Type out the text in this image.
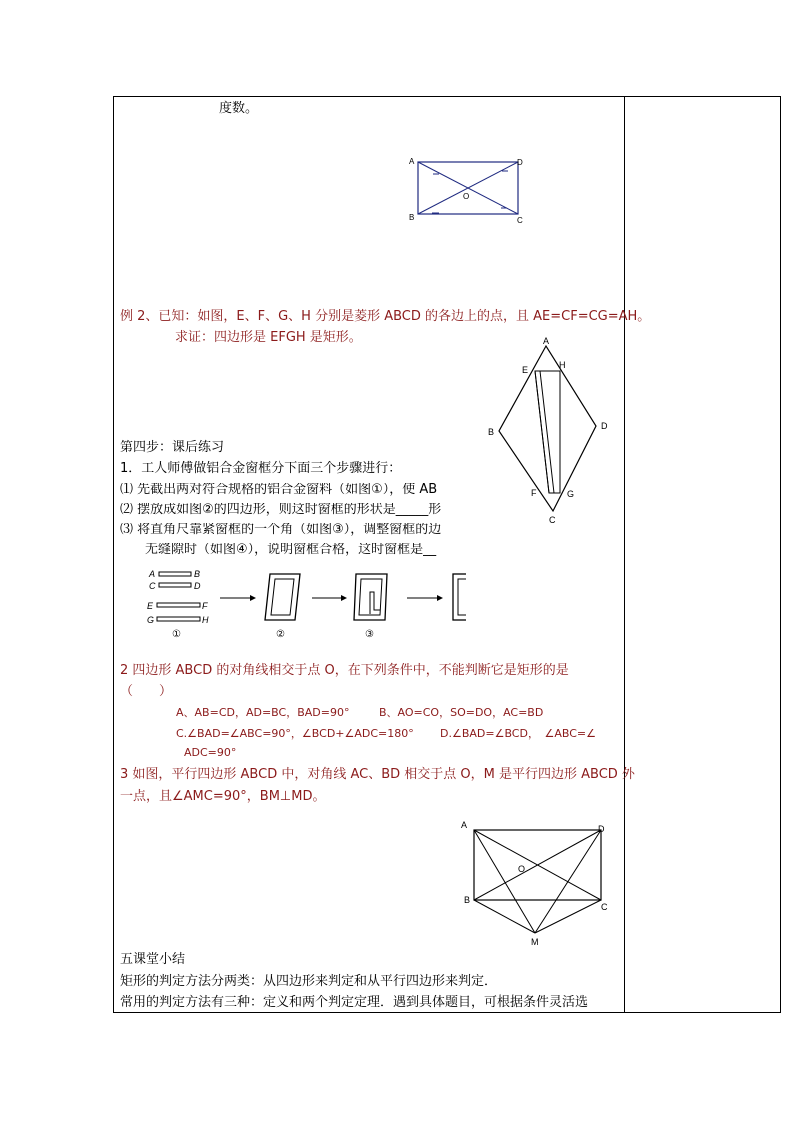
度数。
A
B	C
D
O
例 2、已知：如图，E、F、G、H 分别是菱形 ABCD 的各边上的点，且 AE=CF=CG=AH。
求证：四边形是 EFGH 是矩形。	A
B
C
D
E
F	G
H
第四步：课后练习
1．工人师傅做铝合金窗框分下面三个步骤进行：
⑴ 先截出两对符合规格的铝合金窗料（如图①），使 AB
⑵ 摆放成如图②的四边形，则这时窗框的形状是_____形
⑶ 将直角尺靠紧窗框的一个角（如图③），调整窗框的边
无缝隙时（如图④），说明窗框合格，这时窗框是__
A
C
B
D
E
G
F
H
①	②	③
2 四边形 ABCD 的对角线相交于点 O，在下列条件中，不能判断它是矩形的是
（　　）
A、AB=CD，AD=BC，BAD=90°	B、AO=CO，SO=DO，AC=BD
C.∠BAD=∠ABC=90°，∠BCD+∠ADC=180° D.∠BAD=∠BCD，　∠ABC=∠
ADC=90°
3 如图，平行四边形 ABCD 中，对角线 AC、BD 相交于点 O，M 是平行四边形 ABCD 外
一点，且∠AMC=90°，BM⊥MD。
A
B
C
D
O
M
五课堂小结
矩形的判定方法分两类：从四边形来判定和从平行四边形来判定．
常用的判定方法有三种：定义和两个判定定理．遇到具体题目，可根据条件灵活选
